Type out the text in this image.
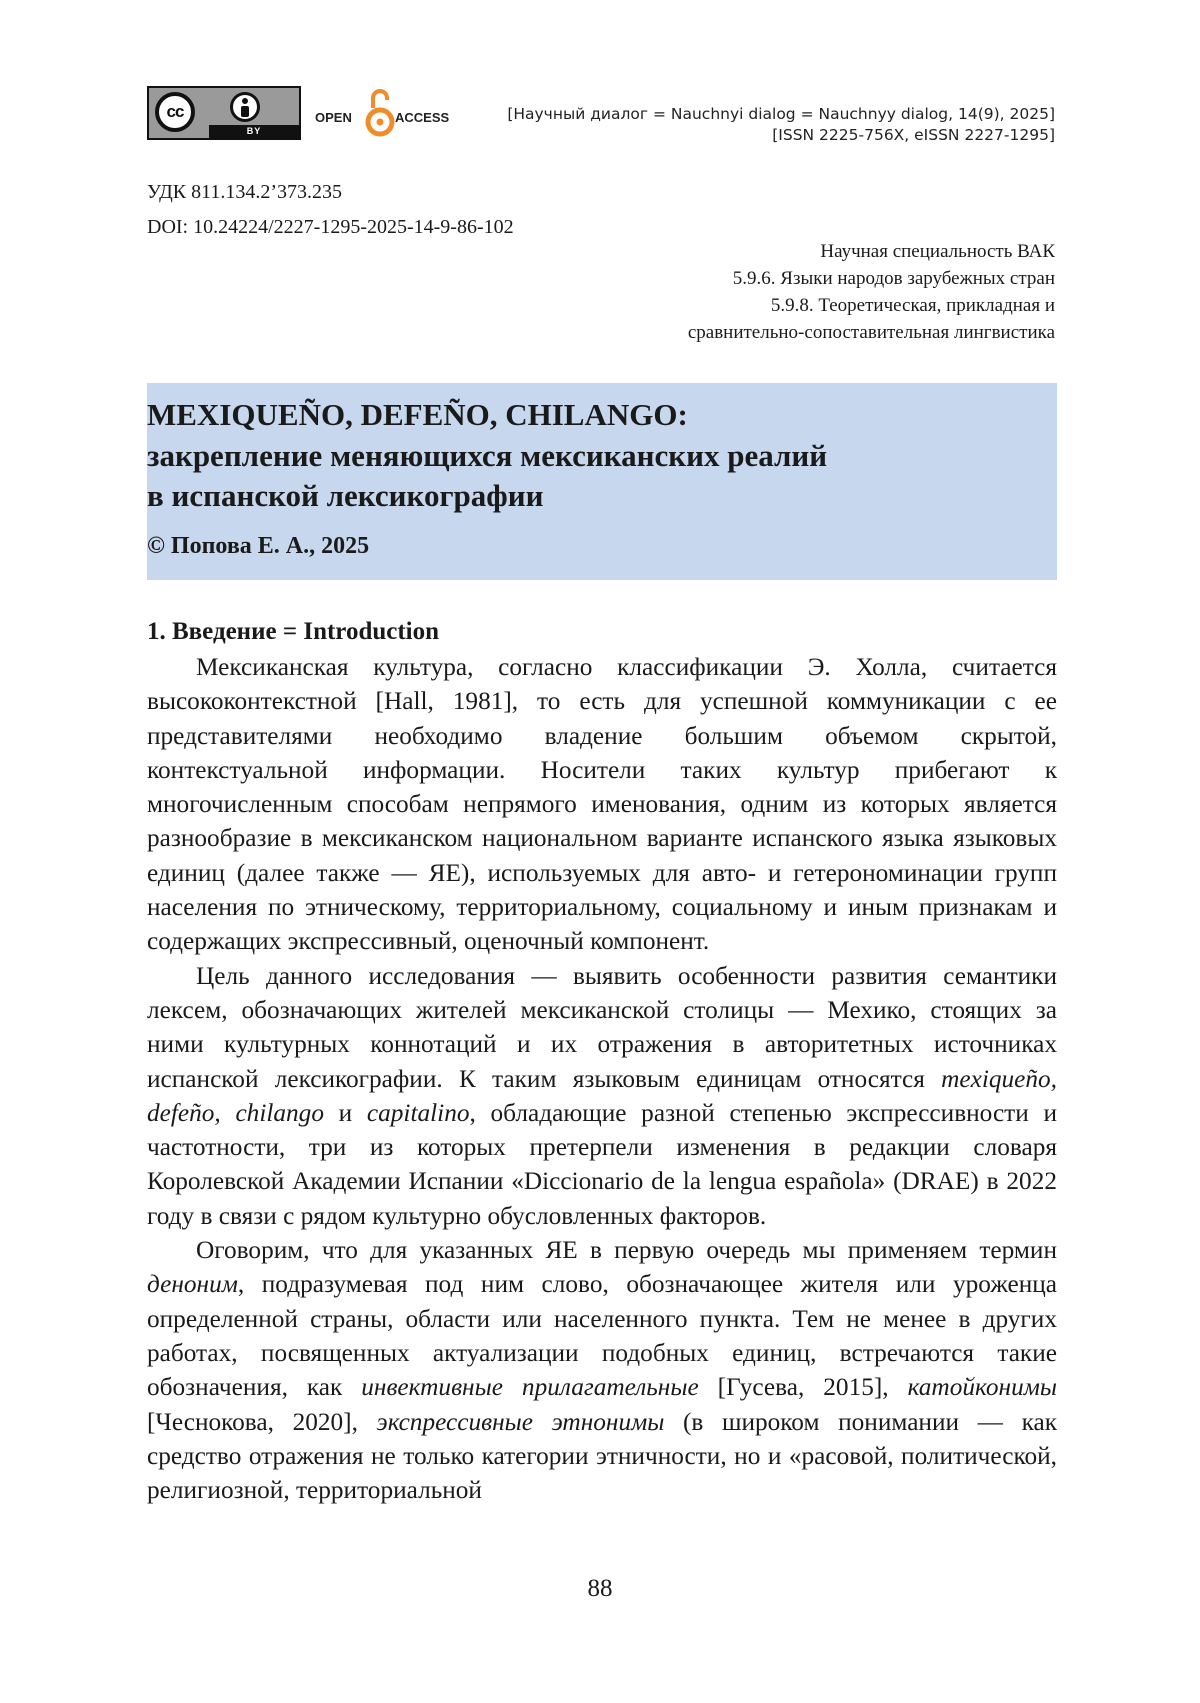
cc
BY
OPEN	ACCESS	[Научный диалог = Nauchnyi dialog = Nauchnyy dialog, 14(9), 2025]
[ISSN 2225-756X, eISSN 2227-1295]
УДК 811.134.2’373.235
DOI: 10.24224/2227-1295-2025-14-9-86-102
Научная специальность ВАК
5.9.6. Языки народов зарубежных стран
5.9.8. Теоретическая, прикладная и
сравнительно-сопоставительная лингвистика
MEXIQUEÑO, DEFEÑO, CHILANGO:
закрепление меняющихся мексиканских реалий
в испанской лексикографии
© Попова Е. А., 2025
1. Введение = Introduction

Мексиканская культура, согласно классификации Э. Холла, считается высококонтекстной [Hall, 1981], то есть для успешной коммуникации с ее представителями необходимо владение большим объемом скрытой, контекстуальной информации. Носители таких культур прибегают к многочисленным способам непрямого именования, одним из которых является разнообразие в мексиканском национальном варианте испанского языка языковых единиц (далее также — ЯЕ), используемых для авто- и гетерономинации групп населения по этническому, территориальному, социальному и иным признакам и содержащих экспрессивный, оценочный компонент.

Цель данного исследования — выявить особенности развития семантики лексем, обозначающих жителей мексиканской столицы — Мехико, стоящих за ними культурных коннотаций и их отражения в авторитетных источниках испанской лексикографии. К таким языковым единицам относятся mexiqueño, defeño, chilango и capitalino, обладающие разной степенью экспрессивности и частотности, три из которых претерпели изменения в редакции словаря Королевской Академии Испании «Diccionario de la lengua española» (DRAE) в 2022 году в связи с рядом культурно обусловленных факторов.

Оговорим, что для указанных ЯЕ в первую очередь мы применяем термин деноним, подразумевая под ним слово, обозначающее жителя или уроженца определенной страны, области или населенного пункта. Тем не менее в других работах, посвященных актуализации подобных единиц, встречаются такие обозначения, как инвективные прилагательные [Гусева, 2015], катойконимы [Чеснокова, 2020], экспрессивные этнонимы (в широком понимании — как средство отражения не только категории этничности, но и «расовой, политической, религиозной, территориальной

88
